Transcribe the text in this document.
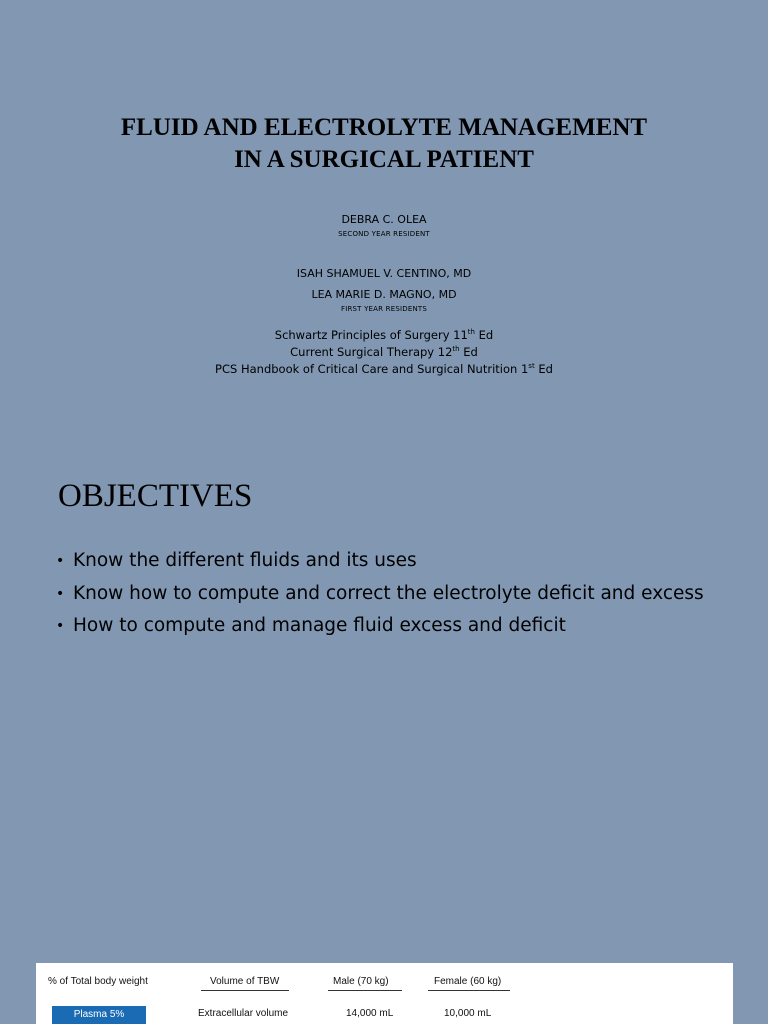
FLUID AND ELECTROLYTE MANAGEMENT
IN A SURGICAL PATIENT
DEBRA C. OLEA
SECOND YEAR RESIDENT
ISAH SHAMUEL V. CENTINO, MD
LEA MARIE D. MAGNO, MD
FIRST YEAR RESIDENTS
Schwartz Principles of Surgery 11th Ed
Current Surgical Therapy 12th Ed
PCS Handbook of Critical Care and Surgical Nutrition 1st Ed
OBJECTIVES
• Know the different fluids and its uses
• Know how to compute and correct the electrolyte deficit and excess
• How to compute and manage fluid excess and deficit
% of Total body weight	Volume of TBW	Male (70 kg)	Female (60 kg)
Plasma 5%	Extracellular volume	14,000 mL	10,000 mL
